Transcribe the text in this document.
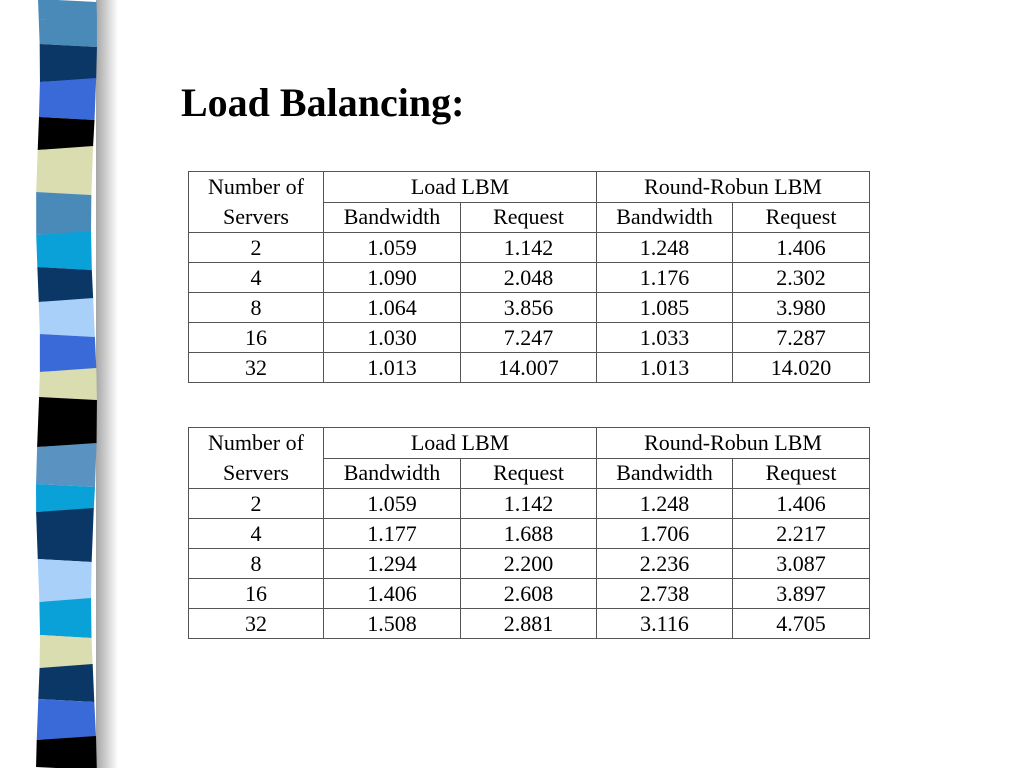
Load Balancing:
Number of Servers	Load LBM		Round-Robun LBM	
	Bandwidth	Request	Bandwidth	Request
2	1.059	1.142	1.248	1.406
4	1.090	2.048	1.176	2.302
8	1.064	3.856	1.085	3.980
16	1.030	7.247	1.033	7.287
32	1.013	14.007	1.013	14.020
Number of Servers	Load LBM		Round-Robun LBM	
	Bandwidth	Request	Bandwidth	Request
2	1.059	1.142	1.248	1.406
4	1.177	1.688	1.706	2.217
8	1.294	2.200	2.236	3.087
16	1.406	2.608	2.738	3.897
32	1.508	2.881	3.116	4.705
